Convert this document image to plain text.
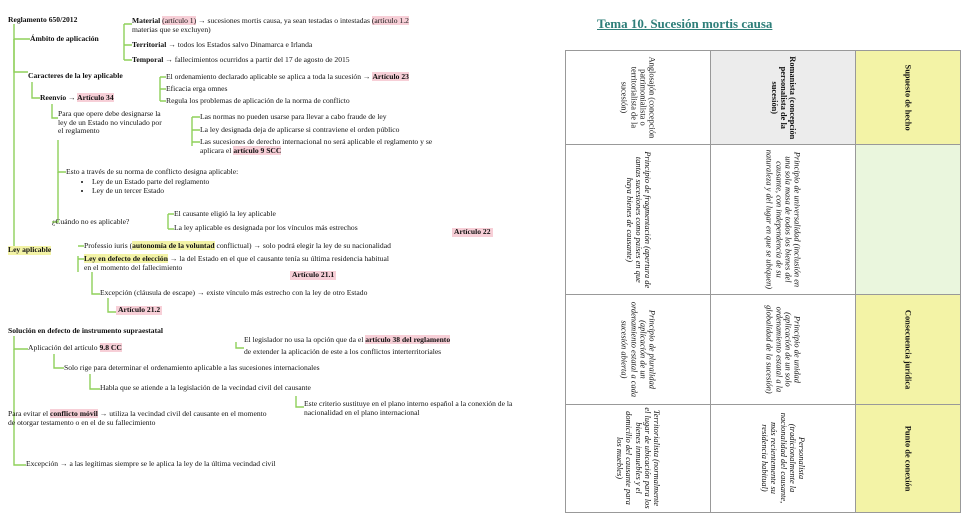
Reglamento 650/2012
Ámbito de aplicación
Material (artículo 1) → sucesiones mortis causa, ya sean testadas o intestadas (artículo 1.2
materias que se excluyen)
Territorial → todos los Estados salvo Dinamarca e Irlanda
Temporal → fallecimientos ocurridos a partir del 17 de agosto de 2015
Caracteres de la ley aplicable	El ordenamiento declarado aplicable se aplica a toda la sucesión → Artículo 23
Eficacia erga omnes
Regula los problemas de aplicación de la norma de conflicto
Reenvío → Artículo 34
Para que opere debe designarse la ley de un Estado no vinculado por el reglamento
Las normas no pueden usarse para llevar a cabo fraude de ley
La ley designada deja de aplicarse si contraviene el orden público
Las sucesiones de derecho internacional no será aplicable el reglamento y se aplicara el artículo 9 SCC
Esto a través de su norma de conflicto designa aplicable:
• Ley de un Estado parte del reglamento
• Ley de un tercer Estado
¿Cuándo no es aplicable?
El causante eligió la ley aplicable
La ley aplicable es designada por los vínculos más estrechos	Artículo 22
Ley aplicable	Professio iuris (autonomía de la voluntad conflictual) → solo podrá elegir la ley de su nacionalidad
Ley en defecto de elección → la del Estado en el que el causante tenía su última residencia habitual
en el momento del fallecimiento
Artículo 21.1
Excepción (cláusula de escape) → existe vínculo más estrecho con la ley de otro Estado
Artículo 21.2
Solución en defecto de instrumento supraestatal
Aplicación del artículo 9.8 CC
El legislador no usa la opción que da el artículo 38 del reglamento
de extender la aplicación de este a los conflictos interterritoriales
Solo rige para determinar el ordenamiento aplicable a las sucesiones internacionales
Habla que se atiende a la legislación de la vecindad civil del causante
Este criterio sustituye en el plano interno español a la conexión de la nacionalidad en el plano internacional
Para evitar el conflicto móvil → utiliza la vecindad civil del causante en el momento de otorgar testamento o en el de su fallecimiento
Excepción → a las legítimas siempre se le aplica la ley de la última vecindad civil
Tema 10. Sucesión mortis causa
Anglosajón (concepción patrimonialista o territorialista de la sucesión)	Romanista (concepción personalista de la sucesión)	Supuesto de hecho

Principio de fragmentación (apertura de tantas sucesiones como países en que haya bienes de causante)	Principio de universalidad (inclusión en una sola masa de todos los bienes del causante, con independencia de su naturaleza y del lugar en que se ubiquen)	

Principio de pluralidad (aplicación de un ordenamiento estatal a cada sucesión abierta)	Principio de unidad (aplicación de un solo ordenamiento estatal a la globalidad de la sucesión)	Consecuencia jurídica

Territorialista (normalmente el lugar de ubicación para los bienes inmuebles y el domicilio del causante para los muebles)	Personalista (tradicionalmente la nacionalidad del causante, más recientemente su residencia habitual)	Punto de conexión
